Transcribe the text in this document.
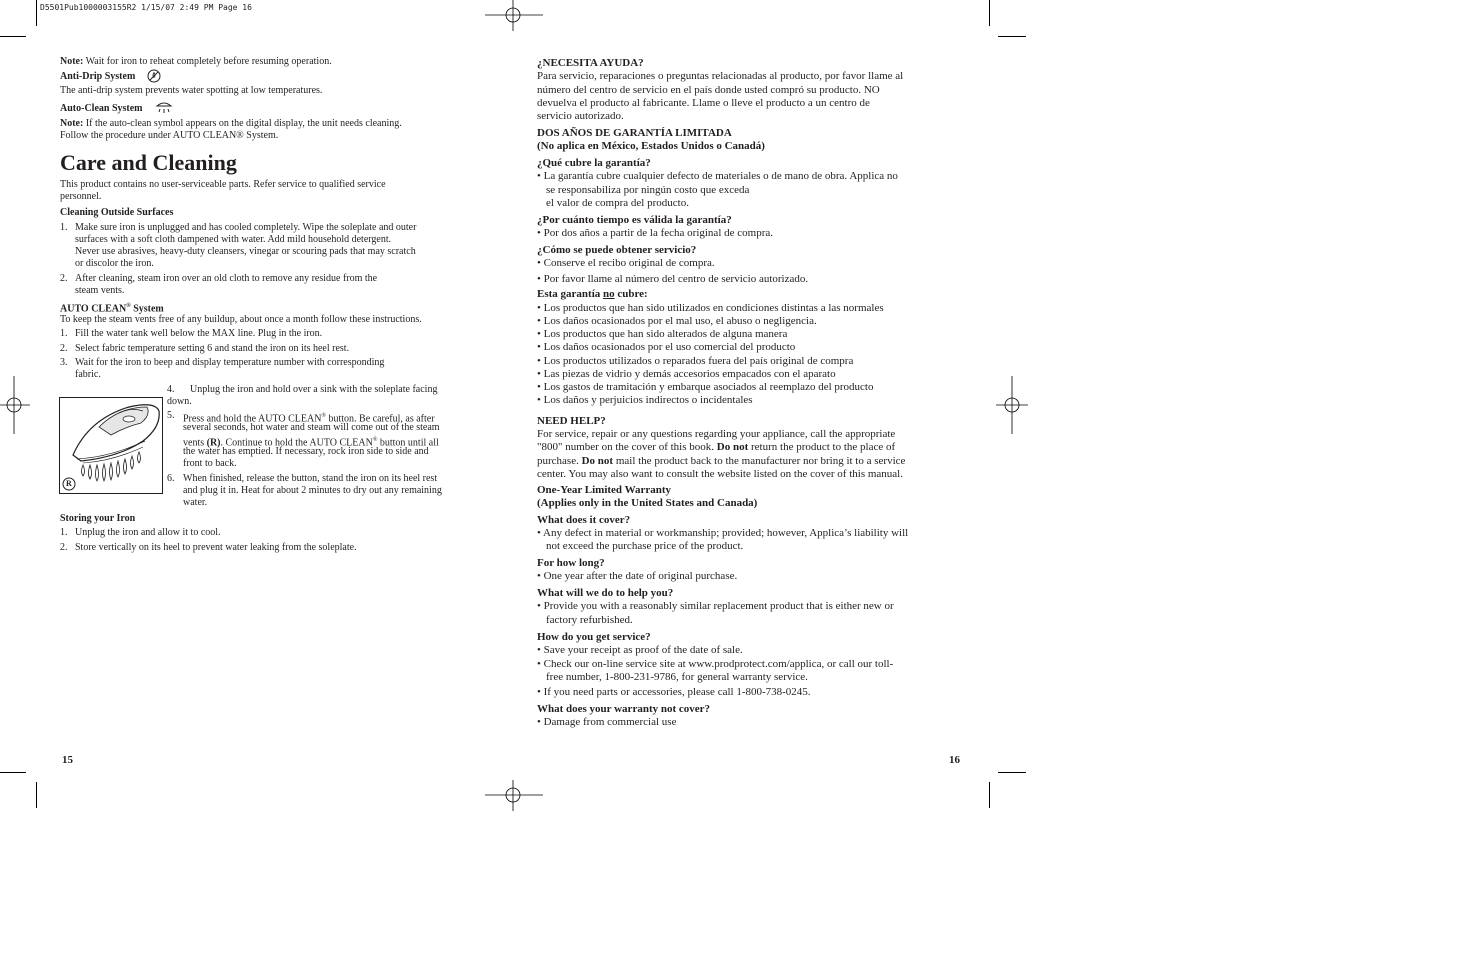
D5501Pub1000003155R2 1/15/07 2:49 PM Page 16
Note: Wait for iron to reheat completely before resuming operation.
Anti-Drip System
The anti-drip system prevents water spotting at low temperatures.
Auto-Clean System
Note: If the auto-clean symbol appears on the digital display, the unit needs cleaning.
Follow the procedure under AUTO CLEAN® System.
Care and Cleaning
This product contains no user-serviceable parts. Refer service to qualified service
personnel.
Cleaning Outside Surfaces
1. Make sure iron is unplugged and has cooled completely. Wipe the soleplate and outer
surfaces with a soft cloth dampened with water. Add mild household detergent.
Never use abrasives, heavy-duty cleansers, vinegar or scouring pads that may scratch
or discolor the iron.
2. After cleaning, steam iron over an old cloth to remove any residue from the
steam vents.
AUTO CLEAN® System
To keep the steam vents free of any buildup, about once a month follow these instructions.
1. Fill the water tank well below the MAX line. Plug in the iron.
2. Select fabric temperature setting 6 and stand the iron on its heel rest.
3. Wait for the iron to beep and display temperature number with corresponding
fabric.
R
4. Unplug the iron and hold over a sink with the soleplate facing
down.
5. Press and hold the AUTO CLEAN® button. Be careful, as after
several seconds, hot water and steam will come out of the steam
vents (R). Continue to hold the AUTO CLEAN® button until all
the water has emptied. If necessary, rock iron side to side and
front to back.
6. When finished, release the button, stand the iron on its heel rest
and plug it in. Heat for about 2 minutes to dry out any remaining
water.
Storing your Iron
1. Unplug the iron and allow it to cool.
2. Store vertically on its heel to prevent water leaking from the soleplate.
15
¿NECESITA AYUDA?
Para servicio, reparaciones o preguntas relacionadas al producto, por favor llame al
número del centro de servicio en el país donde usted compró su producto. NO
devuelva el producto al fabricante. Llame o lleve el producto a un centro de
servicio autorizado.
DOS AÑOS DE GARANTÍA LIMITADA
(No aplica en México, Estados Unidos o Canadá)
¿Qué cubre la garantía?
• La garantía cubre cualquier defecto de materiales o de mano de obra. Applica no
se responsabiliza por ningún costo que exceda
el valor de compra del producto.
¿Por cuánto tiempo es válida la garantía?
• Por dos años a partir de la fecha original de compra.
¿Cómo se puede obtener servicio?
• Conserve el recibo original de compra.
• Por favor llame al número del centro de servicio autorizado.
Esta garantía no cubre:
• Los productos que han sido utilizados en condiciones distintas a las normales
• Los daños ocasionados por el mal uso, el abuso o negligencia.
• Los productos que han sido alterados de alguna manera
• Los daños ocasionados por el uso comercial del producto
• Los productos utilizados o reparados fuera del país original de compra
• Las piezas de vidrio y demás accesorios empacados con el aparato
• Los gastos de tramitación y embarque asociados al reemplazo del producto
• Los daños y perjuicios indirectos o incidentales
NEED HELP?
For service, repair or any questions regarding your appliance, call the appropriate
"800" number on the cover of this book. Do not return the product to the place of
purchase. Do not mail the product back to the manufacturer nor bring it to a service
center. You may also want to consult the website listed on the cover of this manual.
One-Year Limited Warranty
(Applies only in the United States and Canada)
What does it cover?
• Any defect in material or workmanship; provided; however, Applica’s liability will
not exceed the purchase price of the product.
For how long?
• One year after the date of original purchase.
What will we do to help you?
• Provide you with a reasonably similar replacement product that is either new or
factory refurbished.
How do you get service?
• Save your receipt as proof of the date of sale.
• Check our on-line service site at www.prodprotect.com/applica, or call our toll-
free number, 1-800-231-9786, for general warranty service.
• If you need parts or accessories, please call 1-800-738-0245.
What does your warranty not cover?
• Damage from commercial use
16
